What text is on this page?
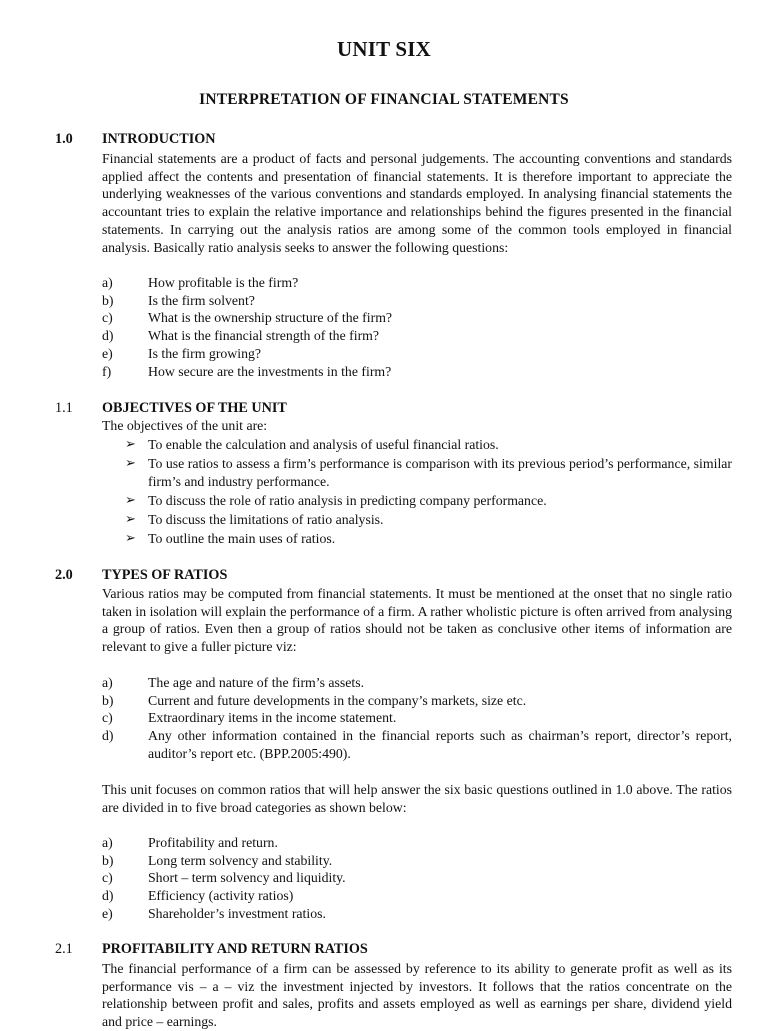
UNIT SIX
INTERPRETATION OF FINANCIAL STATEMENTS
1.0 INTRODUCTION

Financial statements are a product of facts and personal judgements. The accounting conventions and standards applied affect the contents and presentation of financial statements. It is therefore important to appreciate the underlying weaknesses of the various conventions and standards employed. In analysing financial statements the accountant tries to explain the relative importance and relationships behind the figures presented in the financial statements. In carrying out the analysis ratios are among some of the common tools employed in financial analysis. Basically ratio analysis seeks to answer the following questions:

a)	How profitable is the firm?
b)	Is the firm solvent?
c)	What is the ownership structure of the firm?
d)	What is the financial strength of the firm?
e)	Is the firm growing?
f)	How secure are the investments in the firm?
1.1 OBJECTIVES OF THE UNIT
The objectives of the unit are:
➢ To enable the calculation and analysis of useful financial ratios.
➢ To use ratios to assess a firm’s performance is comparison with its previous period’s performance, similar firm’s and industry performance.
➢ To discuss the role of ratio analysis in predicting company performance.
➢ To discuss the limitations of ratio analysis.
➢ To outline the main uses of ratios.
2.0 TYPES OF RATIOS

Various ratios may be computed from financial statements. It must be mentioned at the onset that no single ratio taken in isolation will explain the performance of a firm. A rather wholistic picture is often arrived from analysing a group of ratios. Even then a group of ratios should not be taken as conclusive other items of information are relevant to give a fuller picture viz:

a)	The age and nature of the firm’s assets.
b)	Current and future developments in the company’s markets, size etc.
c)	Extraordinary items in the income statement.
d)	Any other information contained in the financial reports such as chairman’s report, director’s report, auditor’s report etc. (BPP.2005:490).

This unit focuses on common ratios that will help answer the six basic questions outlined in 1.0 above. The ratios are divided in to five broad categories as shown below:

a)	Profitability and return.
b)	Long term solvency and stability.
c)	Short – term solvency and liquidity.
d)	Efficiency (activity ratios)
e)	Shareholder’s investment ratios.
2.1 PROFITABILITY AND RETURN RATIOS

The financial performance of a firm can be assessed by reference to its ability to generate profit as well as its performance vis – a – viz the investment injected by investors. It follows that the ratios concentrate on the relationship between profit and sales, profits and assets employed as well as earnings per share, dividend yield and price – earnings.
